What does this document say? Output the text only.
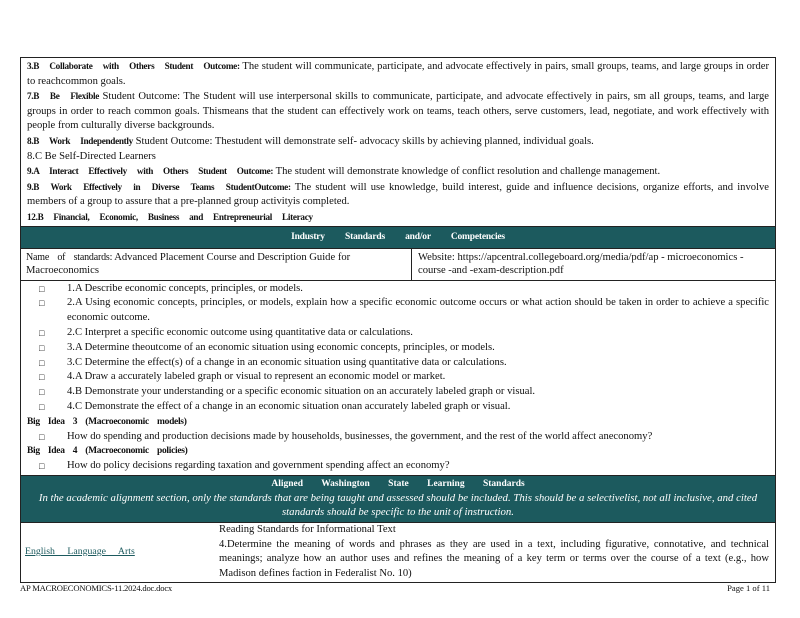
3.B Collaborate with Others Student Outcome: The student will communicate, participate, and advocate effectively in pairs, small groups, teams, and large groups in order to reachcommon goals.

7.B Be Flexible Student Outcome: The Student will use interpersonal skills to communicate, participate, and advocate effectively in pairs, sm all groups, teams, and large groups in order to reach common goals. Thismeans that the student can effectively work on teams, teach others, serve customers, lead, negotiate, and work effectively with people from culturally diverse backgrounds.

8.B Work Independently Student Outcome: Thestudent will demonstrate self- advocacy skills by achieving planned, individual goals.

8.C Be Self-Directed Learners

9.A Interact Effectively with Others Student Outcome: The student will demonstrate knowledge of conflict resolution and challenge management.

9.B Work Effectively in Diverse Teams StudentOutcome: The student will use knowledge, build interest, guide and influence decisions, organize efforts, and involve members of a group to assure that a pre-planned group activityis completed.

12.B Financial, Economic, Business and Entrepreneurial Literacy

Industry Standards and/or Competencies
Name of standards: Advanced Placement Course and Description Guide for Macroeconomics
Website: https://apcentral.collegeboard.org/media/pdf/ap - microeconomics -course -and -exam-description.pdf
□	1.A Describe economic concepts, principles, or models.
□	2.A Using economic concepts, principles, or models, explain how a specific economic outcome occurs or what action should be taken in order to achieve a specific economic outcome.
□	2.C Interpret a specific economic outcome using quantitative data or calculations.
□	3.A Determine theoutcome of an economic situation using economic concepts, principles, or models.
□	3.C Determine the effect(s) of a change in an economic situation using quantitative data or calculations.
□	4.A Draw a accurately labeled graph or visual to represent an economic model or market.
□	4.B Demonstrate your understanding or a specific economic situation on an accurately labeled graph or visual.
□	4.C Demonstrate the effect of a change in an economic situation onan accurately labeled graph or visual.
Big Idea 3 (Macroeconomic models)
□	How do spending and production decisions made by households, businesses, the government, and the rest of the world affect aneconomy?
Big Idea 4 (Macroeconomic policies)
□	How do policy decisions regarding taxation and government spending affect an economy?
Aligned Washington State Learning Standards
In the academic alignment section, only the standards that are being taught and assessed should be included. This should be a selectivelist, not all inclusive, and cited standards should be specific to the unit of instruction.
English Language Arts
Reading Standards for Informational Text
4.Determine the meaning of words and phrases as they are used in a text, including figurative, connotative, and technical meanings; analyze how an author uses and refines the meaning of a key term or terms over the course of a text (e.g., how Madison defines faction in Federalist No. 10)
AP MACROECONOMICS-11.2024.doc.docx	Page 1 of 11
